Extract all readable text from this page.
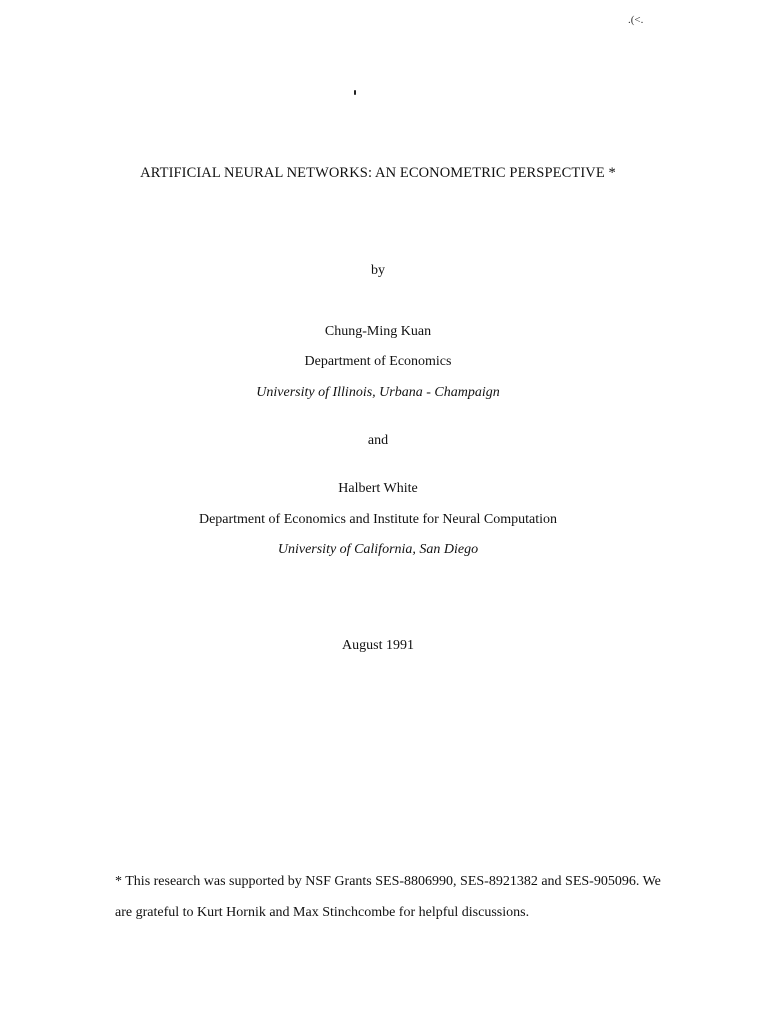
.(<.
ARTIFICIAL NEURAL NETWORKS: AN ECONOMETRIC PERSPECTIVE *
by
Chung-Ming Kuan
Department of Economics
University of Illinois, Urbana - Champaign
and
Halbert White
Department of Economics and Institute for Neural Computation
University of California, San Diego
August 1991
* This research was supported by NSF Grants SES-8806990, SES-8921382 and SES-905096. We
are grateful to Kurt Hornik and Max Stinchcombe for helpful discussions.
